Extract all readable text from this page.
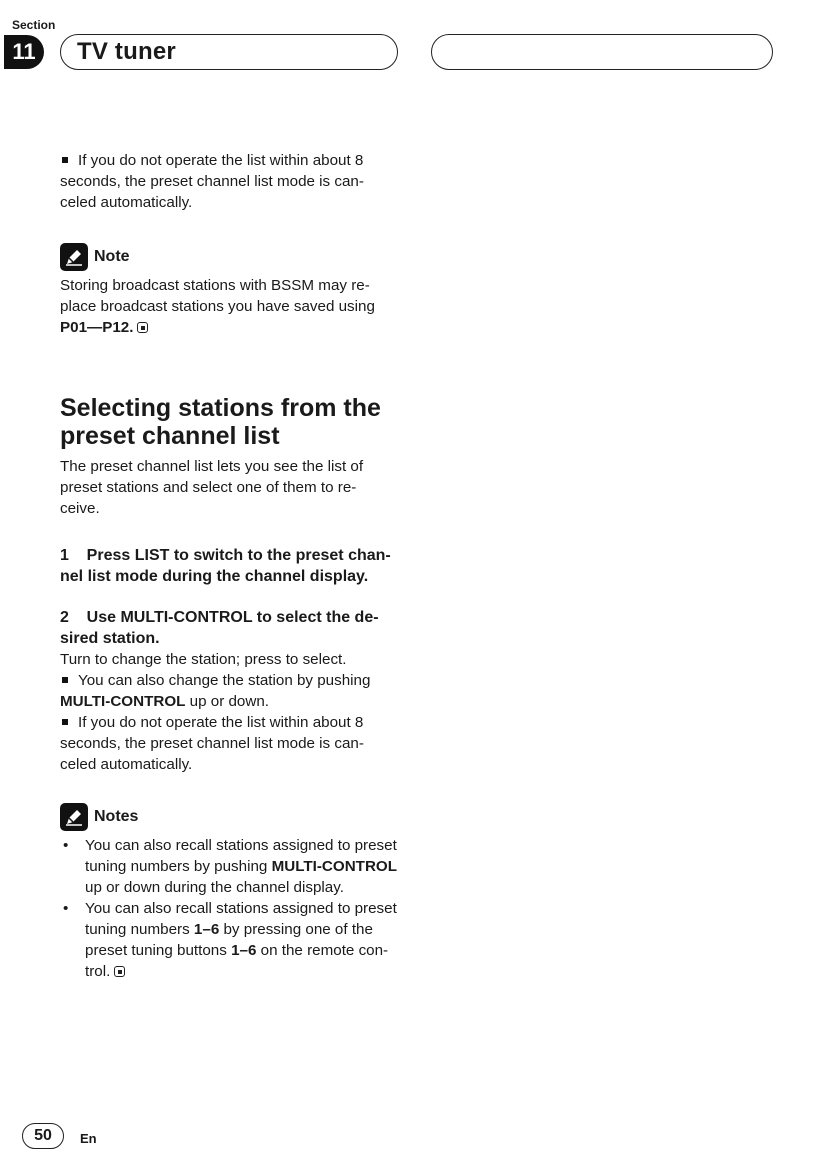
Section
11	TV tuner

If you do not operate the list within about 8

seconds, the preset channel list mode is can-

celed automatically.

Note

Storing broadcast stations with BSSM may re-

place broadcast stations you have saved using

P01—P12.

Selecting stations from the
preset channel list

The preset channel list lets you see the list of

preset stations and select one of them to re-

ceive.

1    Press LIST to switch to the preset chan-
nel list mode during the channel display.
2    Use MULTI-CONTROL to select the de-
sired station.

Turn to change the station; press to select.

You can also change the station by pushing

MULTI-CONTROL up or down.

If you do not operate the list within about 8

seconds, the preset channel list mode is can-

celed automatically.

Notes
• You can also recall stations assigned to preset
tuning numbers by pushing MULTI-CONTROL
up or down during the channel display.
• You can also recall stations assigned to preset
tuning numbers 1–6 by pressing one of the
preset tuning buttons 1–6 on the remote con-
trol.
50	En
